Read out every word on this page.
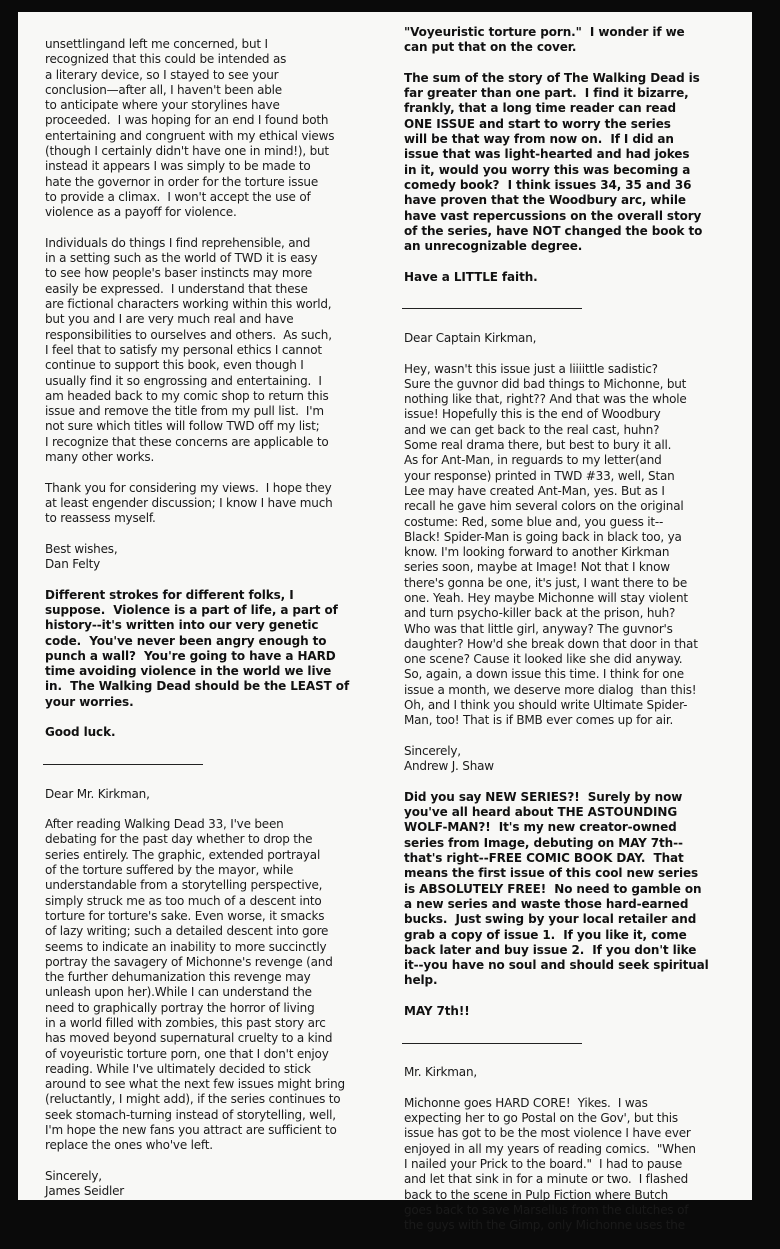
unsettlingand left me concerned, but I
recognized that this could be intended as
a literary device, so I stayed to see your
conclusion—after all, I haven't been able
to anticipate where your storylines have
proceeded.  I was hoping for an end I found both
entertaining and congruent with my ethical views
(though I certainly didn't have one in mind!), but
instead it appears I was simply to be made to
hate the governor in order for the torture issue
to provide a climax.  I won't accept the use of
violence as a payoff for violence.
Individuals do things I find reprehensible, and
in a setting such as the world of TWD it is easy
to see how people's baser instincts may more
easily be expressed.  I understand that these
are fictional characters working within this world,
but you and I are very much real and have
responsibilities to ourselves and others.  As such,
I feel that to satisfy my personal ethics I cannot
continue to support this book, even though I
usually find it so engrossing and entertaining.  I
am headed back to my comic shop to return this
issue and remove the title from my pull list.  I'm
not sure which titles will follow TWD off my list;
I recognize that these concerns are applicable to
many other works.
Thank you for considering my views.  I hope they
at least engender discussion; I know I have much
to reassess myself.
Best wishes,
Dan Felty
Different strokes for different folks, I
suppose.  Violence is a part of life, a part of
history--it's written into our very genetic
code.  You've never been angry enough to
punch a wall?  You're going to have a HARD
time avoiding violence in the world we live
in.  The Walking Dead should be the LEAST of
your worries.
Good luck.
Dear Mr. Kirkman,
After reading Walking Dead 33, I've been
debating for the past day whether to drop the
series entirely. The graphic, extended portrayal
of the torture suffered by the mayor, while
understandable from a storytelling perspective,
simply struck me as too much of a descent into
torture for torture's sake. Even worse, it smacks
of lazy writing; such a detailed descent into gore
seems to indicate an inability to more succinctly
portray the savagery of Michonne's revenge (and
the further dehumanization this revenge may
unleash upon her).While I can understand the
need to graphically portray the horror of living
in a world filled with zombies, this past story arc
has moved beyond supernatural cruelty to a kind
of voyeuristic torture porn, one that I don't enjoy
reading. While I've ultimately decided to stick
around to see what the next few issues might bring
(reluctantly, I might add), if the series continues to
seek stomach-turning instead of storytelling, well,
I'm hope the new fans you attract are sufficient to
replace the ones who've left.
Sincerely,
James Seidler
"Voyeuristic torture porn."  I wonder if we
can put that on the cover.
The sum of the story of The Walking Dead is
far greater than one part.  I find it bizarre,
frankly, that a long time reader can read
ONE ISSUE and start to worry the series
will be that way from now on.  If I did an
issue that was light-hearted and had jokes
in it, would you worry this was becoming a
comedy book?  I think issues 34, 35 and 36
have proven that the Woodbury arc, while
have vast repercussions on the overall story
of the series, have NOT changed the book to
an unrecognizable degree.
Have a LITTLE faith.
Dear Captain Kirkman,
Hey, wasn't this issue just a liiiittle sadistic?
Sure the guvnor did bad things to Michonne, but
nothing like that, right?? And that was the whole
issue! Hopefully this is the end of Woodbury
and we can get back to the real cast, huhn?
Some real drama there, but best to bury it all.
As for Ant-Man, in reguards to my letter(and
your response) printed in TWD #33, well, Stan
Lee may have created Ant-Man, yes. But as I
recall he gave him several colors on the original
costume: Red, some blue and, you guess it--
Black! Spider-Man is going back in black too, ya
know. I'm looking forward to another Kirkman
series soon, maybe at Image! Not that I know
there's gonna be one, it's just, I want there to be
one. Yeah. Hey maybe Michonne will stay violent
and turn psycho-killer back at the prison, huh?
Who was that little girl, anyway? The guvnor's
daughter? How'd she break down that door in that
one scene? Cause it looked like she did anyway.
So, again, a down issue this time. I think for one
issue a month, we deserve more dialog  than this!
Oh, and I think you should write Ultimate Spider-
Man, too! That is if BMB ever comes up for air.
Sincerely,
Andrew J. Shaw
Did you say NEW SERIES?!  Surely by now
you've all heard about THE ASTOUNDING
WOLF-MAN?!  It's my new creator-owned
series from Image, debuting on MAY 7th--
that's right--FREE COMIC BOOK DAY.  That
means the first issue of this cool new series
is ABSOLUTELY FREE!  No need to gamble on
a new series and waste those hard-earned
bucks.  Just swing by your local retailer and
grab a copy of issue 1.  If you like it, come
back later and buy issue 2.  If you don't like
it--you have no soul and should seek spiritual
help.
MAY 7th!!
Mr. Kirkman,
Michonne goes HARD CORE!  Yikes.  I was
expecting her to go Postal on the Gov', but this
issue has got to be the most violence I have ever
enjoyed in all my years of reading comics.  "When
I nailed your Prick to the board."  I had to pause
and let that sink in for a minute or two.  I flashed
back to the scene in Pulp Fiction where Butch
goes back to save Marsellus from the clutches of
the guys with the Gimp, only Michonne uses the
